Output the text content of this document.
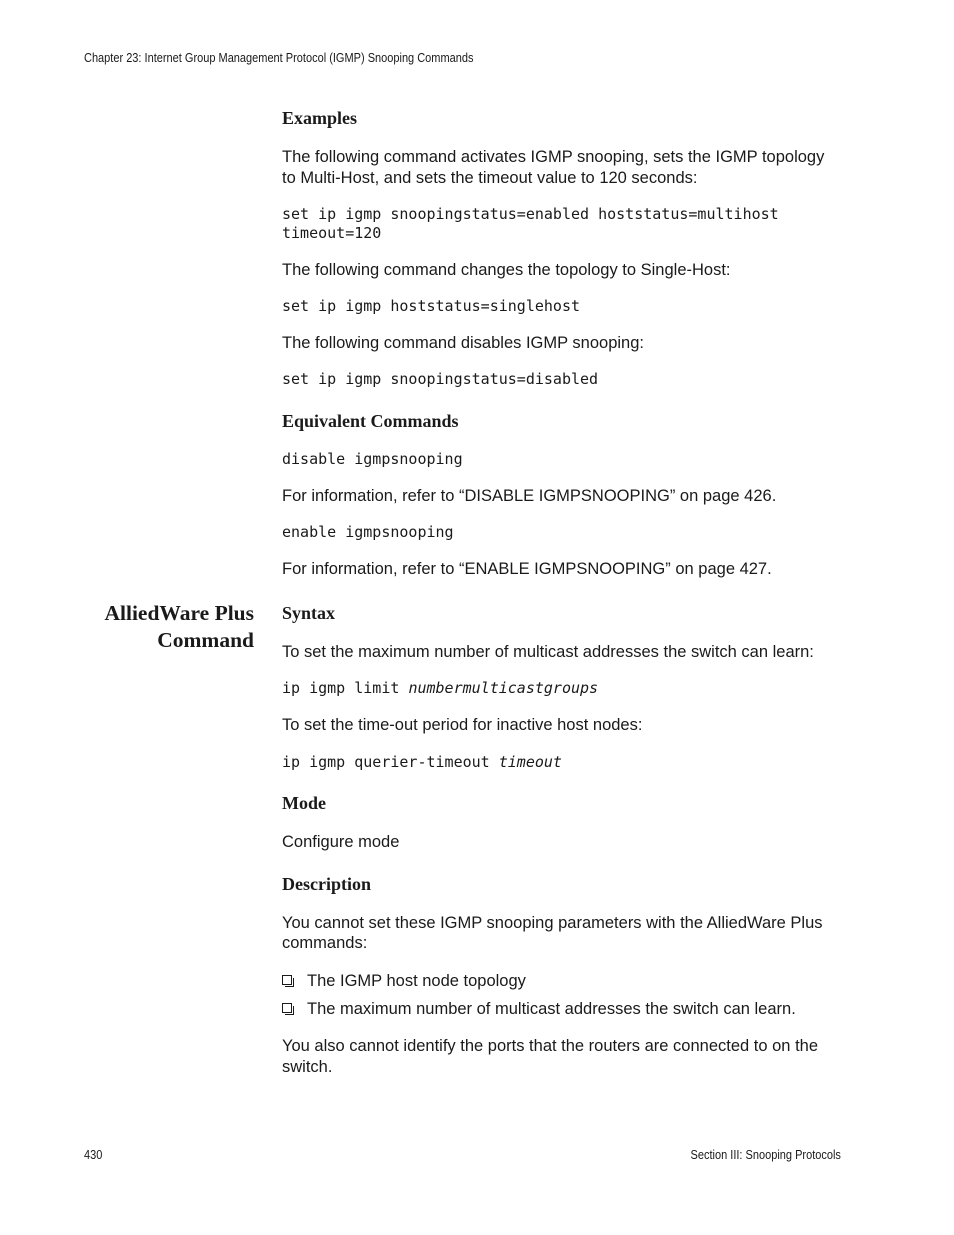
Chapter 23: Internet Group Management Protocol (IGMP) Snooping Commands
Examples
The following command activates IGMP snooping, sets the IGMP topology
to Multi-Host, and sets the timeout value to 120 seconds:
set ip igmp snoopingstatus=enabled hoststatus=multihost
timeout=120
The following command changes the topology to Single-Host:
set ip igmp hoststatus=singlehost
The following command disables IGMP snooping:
set ip igmp snoopingstatus=disabled
Equivalent Commands
disable igmpsnooping
For information, refer to “DISABLE IGMPSNOOPING” on page 426.
enable igmpsnooping
For information, refer to “ENABLE IGMPSNOOPING” on page 427.
AlliedWare Plus
Command
Syntax
To set the maximum number of multicast addresses the switch can learn:
ip igmp limit numbermulticastgroups
To set the time-out period for inactive host nodes:
ip igmp querier-timeout timeout
Mode
Configure mode
Description
You cannot set these IGMP snooping parameters with the AlliedWare Plus
commands:
The IGMP host node topology
The maximum number of multicast addresses the switch can learn.
You also cannot identify the ports that the routers are connected to on the
switch.
430	Section III: Snooping Protocols
